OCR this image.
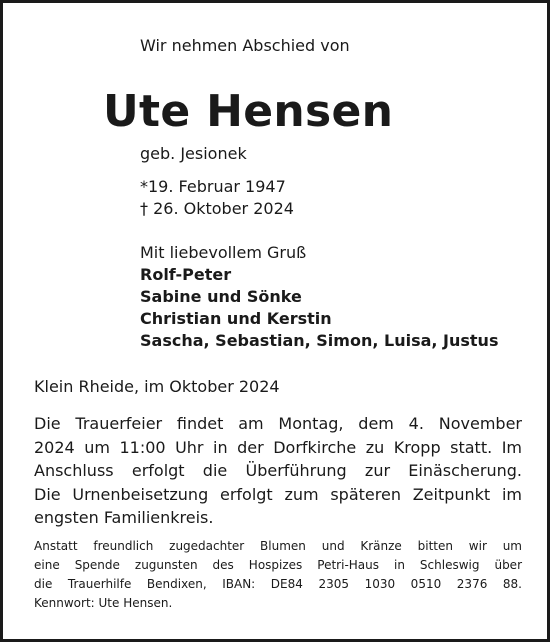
Wir nehmen Abschied von
Ute Hensen
geb. Jesionek
*19. Februar 1947
† 26. Oktober 2024
Mit liebevollem Gruß
Rolf-Peter
Sabine und Sönke
Christian und Kerstin
Sascha, Sebastian, Simon, Luisa, Justus
Klein Rheide, im Oktober 2024
Die Trauerfeier findet am Montag, dem 4. November
2024 um 11:00 Uhr in der Dorfkirche zu Kropp statt. Im
Anschluss erfolgt die Überführung zur Einäscherung.
Die Urnenbeisetzung erfolgt zum späteren Zeitpunkt im
engsten Familienkreis.
Anstatt freundlich zugedachter Blumen und Kränze bitten wir um
eine Spende zugunsten des Hospizes Petri-Haus in Schleswig über
die Trauerhilfe Bendixen, IBAN: DE84 2305 1030 0510 2376 88.
Kennwort: Ute Hensen.
